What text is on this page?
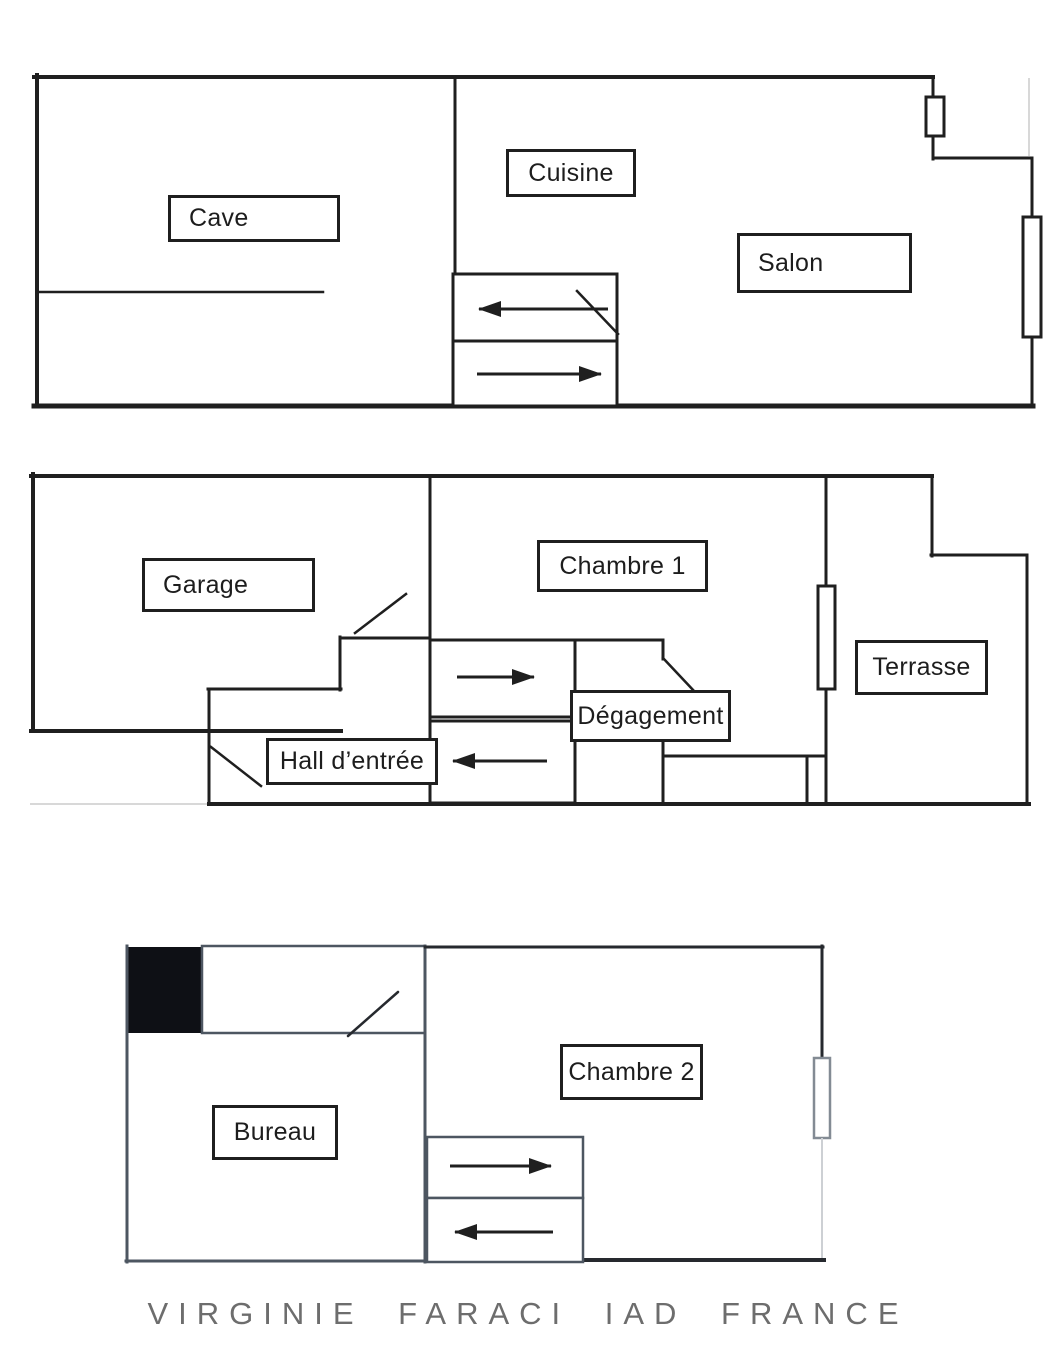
Cave
Cuisine
Salon
Garage
Chambre 1
Terrasse
Dégagement
Hall d’entrée
Bureau
Chambre 2
VIRGINIE FARACI IAD FRANCE
